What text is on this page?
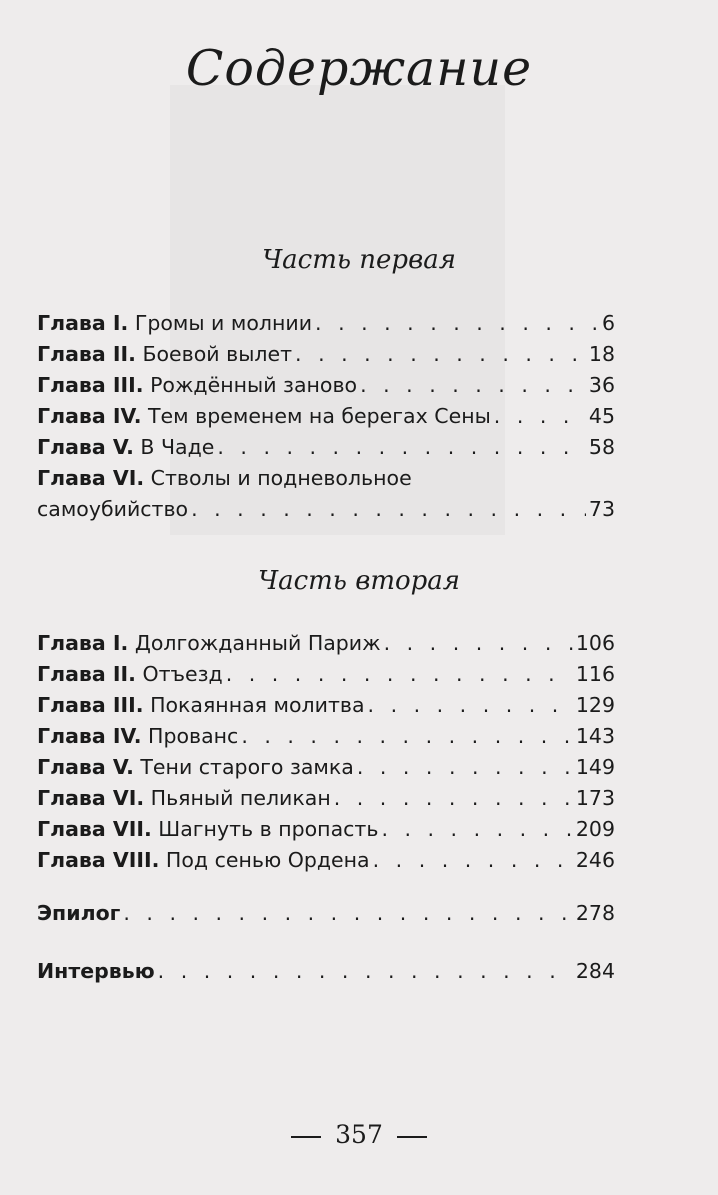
Содержание
Часть первая
Глава I. Громы и молнии . . .	6
Глава II. Боевой вылет . . .	18
Глава III. Рождённый заново . . .	36
Глава IV. Тем временем на берегах Сены . . .	45
Глава V. В Чаде . . .	58
Глава VI. Стволы и подневольное
самоубийство . . .	73
Часть вторая
Глава I. Долгожданный Париж . . .	106
Глава II. Отъезд . . .	116
Глава III. Покаянная молитва . . .	129
Глава IV. Прованс . . .	143
Глава V. Тени старого замка . . .	149
Глава VI. Пьяный пеликан . . .	173
Глава VII. Шагнуть в пропасть . . .	209
Глава VIII. Под сенью Ордена . . .	246
Эпилог . . .	278
Интервью . . .	284
357
